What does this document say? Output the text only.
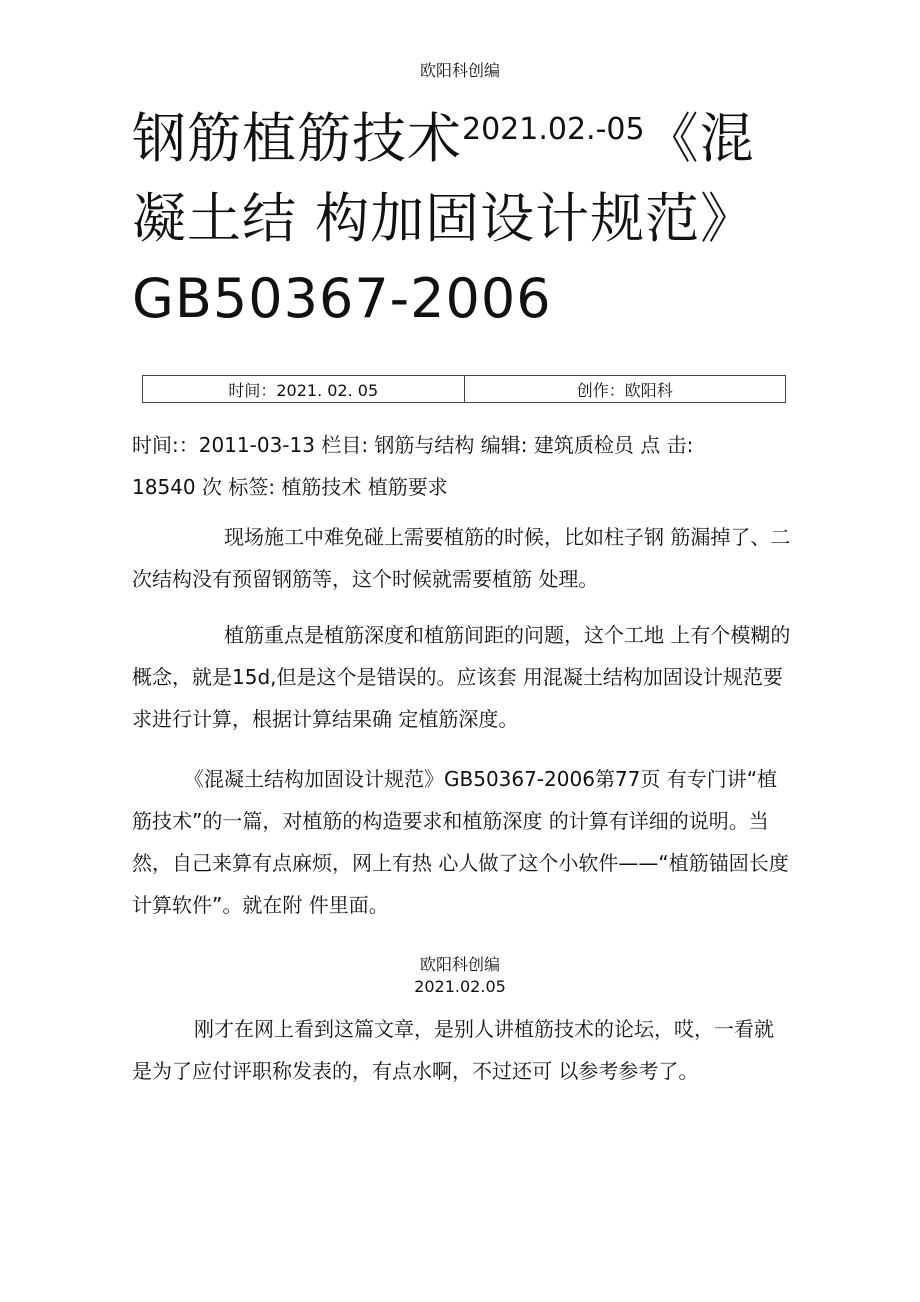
欧阳科创编
钢筋植筋技术$^{2021.02.-05}$《混
凝土结 构加固设计规范》
GB50367-2006
时间：2021. 02. 05	创作：欧阳科
时间:：2011-03-13 栏目: 钢筋与结构 编辑: 建筑质检员 点 击:
18540 次 标签: 植筋技术 植筋要求

现场施工中难免碰上需要植筋的时候，比如柱子钢 筋漏掉了、二次结构没有预留钢筋等，这个时候就需要植筋 处理。

植筋重点是植筋深度和植筋间距的问题，这个工地 上有个模糊的概念，就是15d,但是这个是错误的。应该套 用混凝土结构加固设计规范要求进行计算，根据计算结果确 定植筋深度。

《混凝土结构加固设计规范》GB50367-2006第77页 有专门讲“植筋技术”的一篇，对植筋的构造要求和植筋深度 的计算有详细的说明。当然，自己来算有点麻烦，网上有热 心人做了这个小软件——“植筋锚固长度计算软件”。就在附 件里面。

欧阳科创编
2021.02.05

刚才在网上看到这篇文章，是别人讲植筋技术的论坛，哎，一看就是为了应付评职称发表的，有点水啊，不过还可 以参考参考了。
